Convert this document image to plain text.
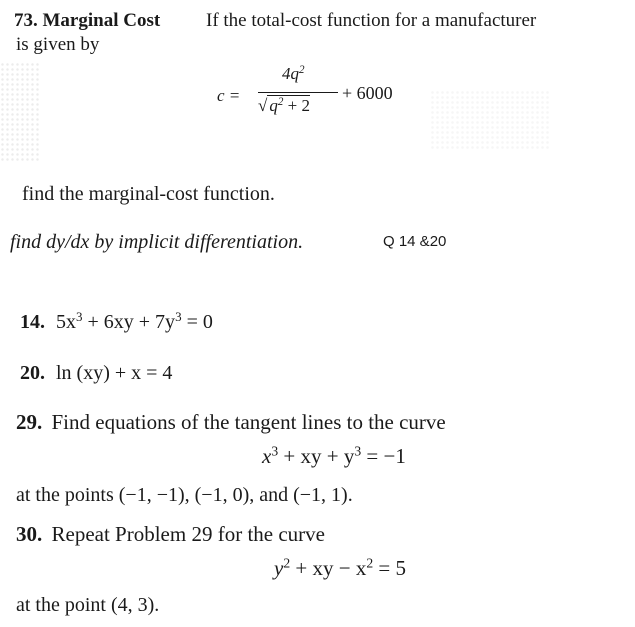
73. Marginal Cost If the total-cost function for a manufacturer
is given by
c =
$4q^2$
√ $q^2 + 2$
+ 6000
find the marginal-cost function.
find dy/dx by implicit differentiation.	Q 14 &20
14. $5x^3 + 6xy + 7y^3 = 0$
20. ln (xy) + x = 4
29. Find equations of the tangent lines to the curve
$x^3$ + xy + $y^3 = -1$
at the points (−1, −1), (−1, 0), and (−1, 1).
30. Repeat Problem 29 for the curve
$y^2$ + xy − $x^2 = 5$
at the point (4, 3).
